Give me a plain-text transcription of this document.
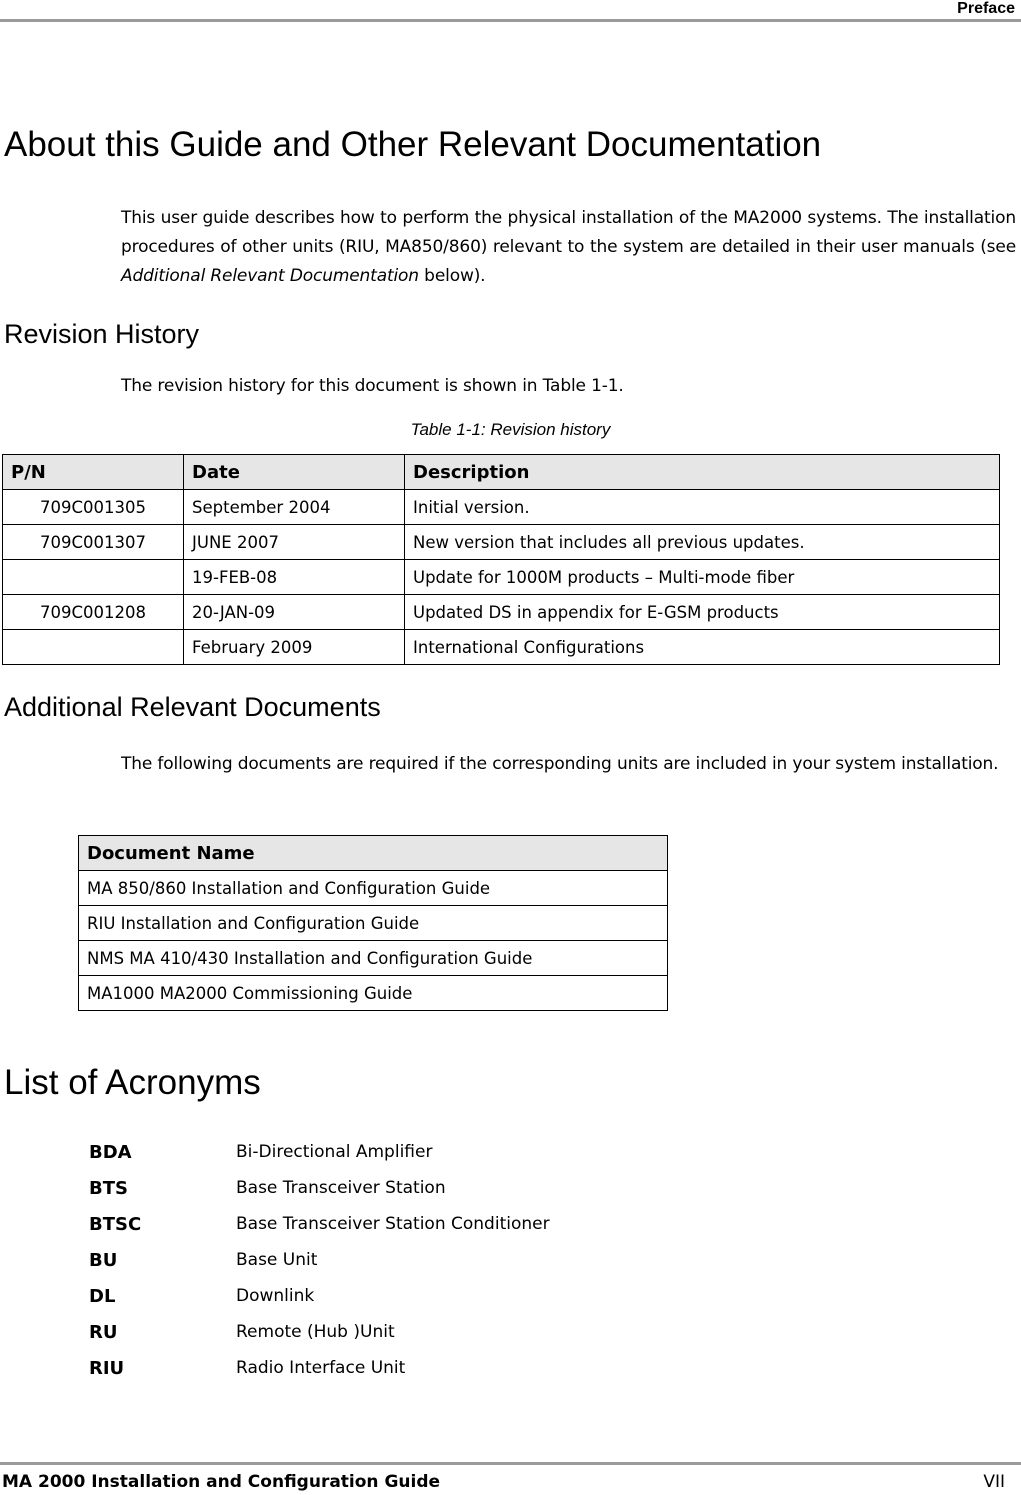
Preface
About this Guide and Other Relevant Documentation
This user guide describes how to perform the physical installation of the MA2000 systems. The installation procedures of other units (RIU, MA850/860) relevant to the system are detailed in their user manuals (see Additional Relevant Documentation below).
Revision History
The revision history for this document is shown in Table 1-1.
Table 1-1: Revision history
P/N	Date	Description
709C001305	September 2004	Initial version.
709C001307	JUNE 2007	New version that includes all previous updates.
	19-FEB-08	Update for 1000M products – Multi-mode fiber
709C001208	20-JAN-09	Updated DS in appendix for E-GSM products
	February 2009	International Configurations
Additional Relevant Documents
The following documents are required if the corresponding units are included in your system installation.
Document Name
MA 850/860 Installation and Configuration Guide
RIU Installation and Configuration Guide
NMS MA 410/430 Installation and Configuration Guide
MA1000 MA2000 Commissioning Guide
List of Acronyms
BDA	Bi-Directional Amplifier
BTS	Base Transceiver Station
BTSC	Base Transceiver Station Conditioner
BU	Base Unit
DL	Downlink
RU	Remote (Hub )Unit
RIU	Radio Interface Unit
MA 2000 Installation and Configuration Guide	VII
